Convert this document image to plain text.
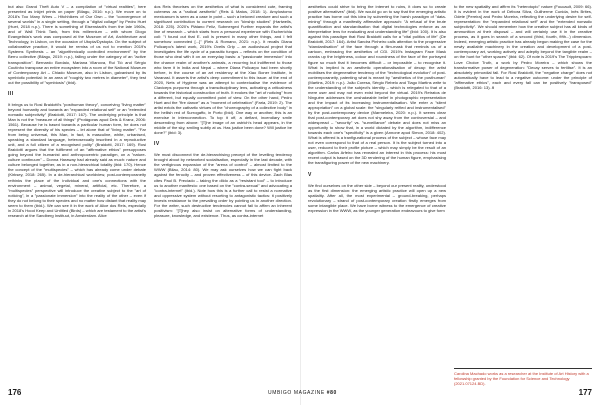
but also Grand Theft Auto V – a compilation of "virtual realities", here presented as inkjet prints on paper (Bilagu, 2016: n.p.). We move on to 2018's Too Many Wires – Hitchhikers of Our Own – the "convergence of several worlds" in a single setting, through a "digital collage" by Pedro Huet (Huet, 2018 n.p.). There is something of Eisenstadt's from the late 1960s, and of Wall Think Tank, from this millennium – with whom Diogo Evangelista's work was composed at the Museum of Art, Architecture and Technology, in Lisbon, on the occasion of Utopia/Dystopia. On the subject of collaborative practice, it would be remiss of us not to mention 2019's Systems Synthesis – an "algorithmically controlled environment" by the Berru collective (Bilagu, 2019: n.p.), falling under the category of an "active transposition". Bernardo Bordaio, Mariana Vilanova, Rui Tió and Sérgio Coutinho transpose an entire ecosystem into a room of the National Museum of Contemporary Art – Chiado Museum, also in Lisbon, galvanised by its symbiotic potential: in an area of "roughly two metres in diameter", they test out the possibility of "symbiosis" (ibid).

III

It brings us to Rosi Braidotti's "posthuman theory", conceiving "living matter" beyond humanity and towards an "expanded relational self" or an "extended nomadic subjectivity" (Braidotti, 2017: 167). The underlying principle is that Man is not the "measure of all things" (Protágoras apud Dels & Kranz, 2006: 1561). Because he is based towards a particular human form, he does not represent the diversity of his species – let alone that of "living matter". "Far from being universal, this Man, in fact, is masculine, white, urbanised, speaking a standard language, heterosexually inscribed in a reproductive unit, and a full citizen of a recognised polity" (Braidotti, 2017: 169). Rosi Braidotti argues that the fulfilment of an "affirmative ethics" presupposes going beyond the humanist and anthropocentric paradigm, on a "nature-culture continuum" – Donna Haraway had already said as much: nature and culture belonged together, as in a non-hierarchical totality (ibid: 170). Hence the concept of the "multispecies" – which has already come under debate (Kirksey, 2018: 265). In a de-hierarchical worldview, post-contemporaneity rethinks the place of the individual and one's connections with the environment – animal, vegetal, mineral, artificial, etc. Therefore, a "multispecies" perspective will introduce the creative subject to the "art of noticing", in a "passionate immersion" into the reality of the other – even if they do not belong to their species and no matter how distant that reality may seem to them (ibid.). We can see it in the work of Alice dos Reis, especially in 2018's Hood Keep and Untitled (Birds) – which are testament to the artist's research at the Sandberg Instituut, in Amsterdam. Alice

dos Reis theorises on the aesthetics of what is considered cute, framing cuteness as a "radical aesthetic" (Reis & Matos, 2018: 1). Amylostomo mexicanum is seen as a case in point – such a beloved creature and such a significant contribution to current research on "kinship studies" (Hartwells, 2018: 225). 2020's Plátano Feliz, Submerged Further expands the artist's line of research – which starts from a personal experience with Escherichia coli: "I found out that E. coli is present in many other things, and I felt somehow connected [...]" (Reis & Romano, 2021: n.p.). It recalls Diana Policarpo's latest work, 2019's Ovelis Grip – an audiovisual project that investigates the life cycle of a parasitic fungus – reflects on the condition of those who deal with it on an everyday basis: a "passionate immersion" into the chance realm of another's animals, a recurring but indifferent to those who farm it in India and Nepal – where Diana Policarpo had been shortly before, in the course of an art residency at the Xiao Boner Institute, in Varanasi. It asserts the artist's deep commitment to this issue: at the end of 2020, Nets of Hygiene was an attempt to contextualise the evidence of Claviceps purpurea through a transdisciplinary lens, activating a criticalness towards the historical construction of truth. It evokes the "art of noticing" from a different, but equally committed point of view. On the other hand, Pedro Huet and the "fire dance" as a "moment of celebration" (Faria, 2019: 2). The artist extols the cathartic virtues of the "choreography of a collective body" in the hellish red of Surrogaffo, in Porto (ibid). One way or another, this is an exercise in interconnection. To top it off, a defiant, incendiary smile descending from above: "[T]he image of an ostrich's head appears, in the middle of the sky, smiling subtly at us. Has justice been done? Will justice be done?" (ibid: 3).

IV

We must disconnect the de-hierarchising precept of the levelling tendency brought about by networked socialisation, especially in the last decade, with the vertiginous expansion of the "arena of control" – almost limited to the WWW (Bilau, 2014: 80). We may ask ourselves how we can fight back against the ferocity – and proven effectiveness – of this device. Zach Blas cites Paul B. Preciado – taking the dildo as a "resistant tool" – to introduce us to another manifesto: one based on the "contra-sexual" and advocating a "contra-internet" (ibid.). Note how this is a further call to resist a normative and oppressive system without resorting to antagonistic tactics: it positively invests resistance to the prevailing order by pointing us in another direction. For the writer, such destructive tendencies cannot fail to affirm an inherent positivism: "[T]hey also insist on alternative forms of understanding, pleasure, knowledge, and existence. Thus, as contra-internet

aesthetics could strive to bring the internet to ruins, it does so to create positive alternatives" (ibid). We would go on to say that the emerging artistic practice has borne out this idea by subverting the harsh paradigm of "data-mining" through a manifestly affirmative approach: "A refusal of the brute quantification and standardisation that digital technologies enforce as an interpretative lens for evaluating and understanding life" (ibid: 100). It is also against this paradigm that Rosi Braidotti calls for a "vital politics of life" (De Braidotti, 2017: 164). Artist Sandra Pinheiro calls attention to the progressive "standardisation" of the face through a film-mask that reminds us of a cartoon, embracing the aesthetics of CGI. 2019's Instagram Face Mask cranks up the brightness, colour and roundness of the face of the portrayed figure so much that it becomes difficult – or impossible – to recognise it. What is implied is an aesthetic operationalisation of decay: the artist mobilises the degenerative tendency of the "technological evolution" of post-contemporaneity, patenting what is meant by "aesthetics of the posthuman" (Martins, 2019: n.p.). João Coresa, Sérgio Rebelo and Tiago Martins write to the understanding of the subject's identity – which is relegated to that of a mere user and may not even exist beyond the virtual. 2019's Retratos de Ninguém addresses the unshakeable belief in photographic representation and the impact of its increasing instrumentalisation. We enter a "silent appropriation" on a global scale: the "singularly reified and instrumentalised" by the post-contemporary device (Marmeleira, 2020: n.p.). It seems clear that post-contemporary art does not shy away from the controversial – and widespread – "security" vs. "surveillance" debate and does not miss an opportunity to show that, in a world dictated by the algorithm, indifference towards each one's "specificity" is a given (Annone apud Simon, 2018: 402). What is offered is a tranfigurational process of the subject – whose face may not even correspond to that of a real person. It is the subject turned into a user, reduced to their profile picture – which may simply be the result of an algorithm. Carlos Arfeiro has revealed an interest in this process: his most recent output is based on the 3D rendering of the human figure, emphasising the transfiguring power of the new machinery.

V

We find ourselves on the other side – beyond our present reality, understood as the first dimension: the emerging artistic practice will open up a new spatiality. After all, the most experimental – ground-breaking, perhaps revolutionary – strand of post-contemporary creation firstly emerges from some intangible place. We have borne witness to the emergence of creative expression in the WWW, as the younger generation endeavours to give form

to the new spatiality and affirm its "heterotopic" nature (Foucault, 2009: 66). It is evident in the work of Débora Silva, Guilherme Cunida, Inês Brites, Odete [Pereira] and Pedro Moreira, reflecting the underlying desire for self-representation: the "expanded relational self" and the "extended nomadic subjectivity". We should remember how the creative subject has all kinds of ammunition at their disposal – and will certainly use it in the creative process, as it goes in search of a second (third, fourth, fifth...) dimension. Indeed, emerging artistic practice has already begun making the case for the newly available machinery in the creation and development of a post-contemporary art, working actively and adeptly beyond the tangible realm – on the hunt for "other spaces" (ibid: 62). Of note is 2019's The Trippiespoarn: Love Choice Truth, a work by Pedro Moreira – which shows the transformative power of degeneration: "Decay serves to fertilise". It is an absolutely primordial fall. For Rosi Braidotti, the "negative charge" does not automatically have to lead to a negative outcome: under the principle of "affirmative ethics", each and every fall can be positively "transposed" (Braidotti, 2016: 13). //

Carolina Machado works as a researcher at the Institute of Art History with a fellowship granted by the Foundation for Science and Technology (2021.07124.BD).
176	UMBIGO MAGAZINE #80	177
